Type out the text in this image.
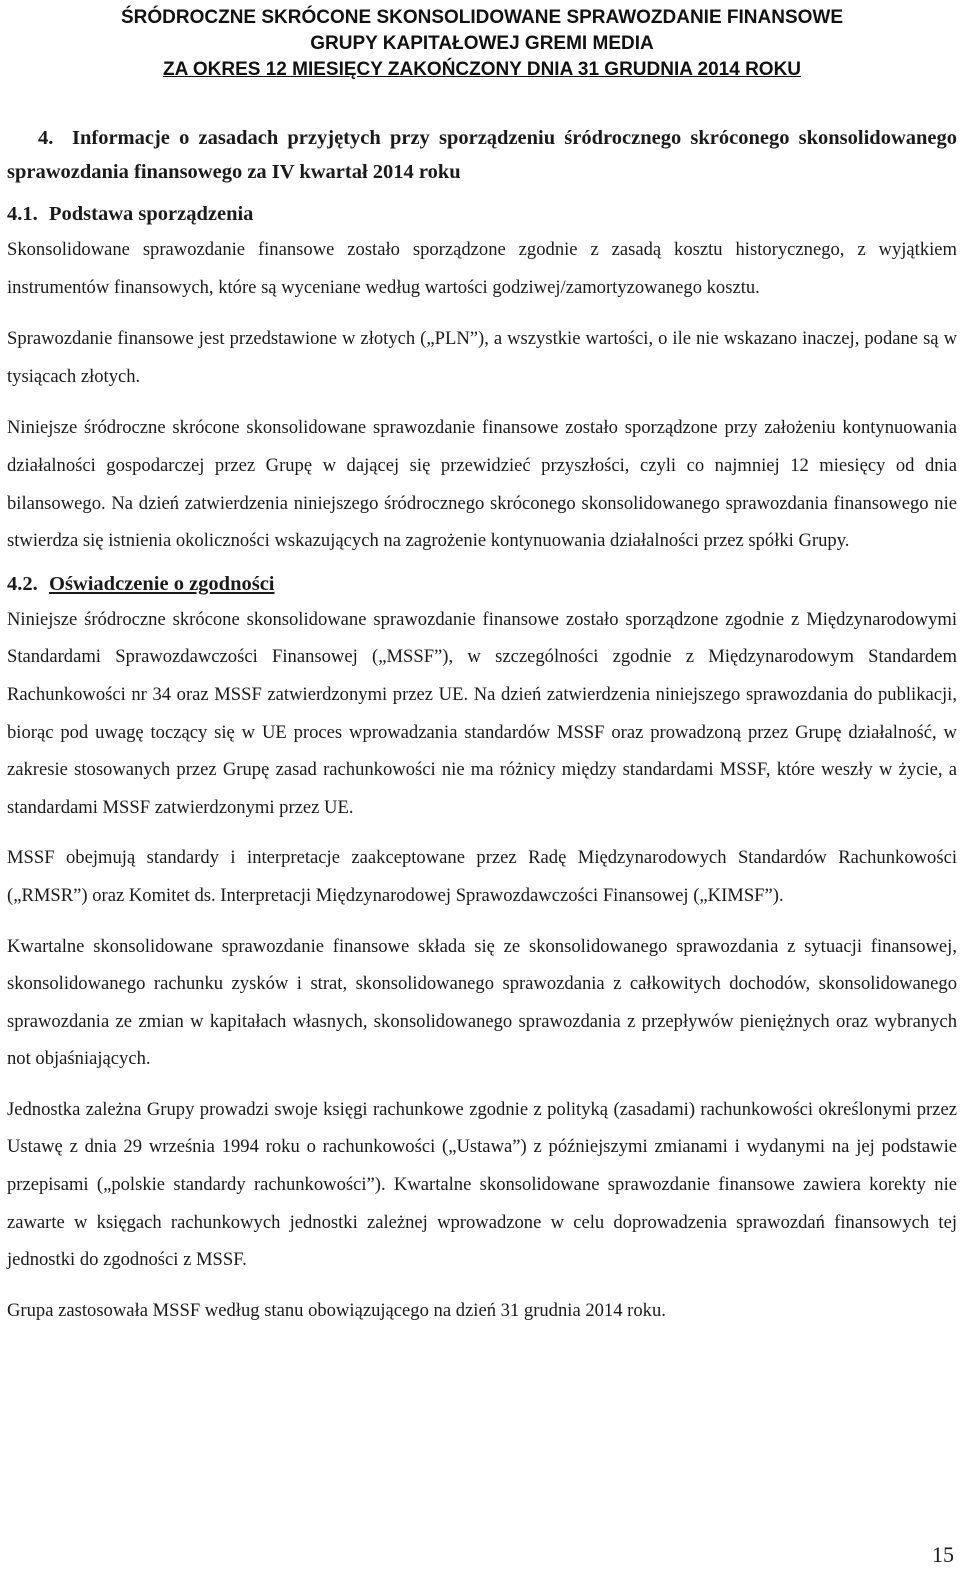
ŚRÓDROCZNE SKRÓCONE SKONSOLIDOWANE SPRAWOZDANIE FINANSOWE
GRUPY KAPITAŁOWEJ GREMI MEDIA
ZA OKRES 12 MIESIĘCY ZAKOŃCZONY DNIA 31 GRUDNIA 2014 ROKU
4. Informacje o zasadach przyjętych przy sporządzeniu śródrocznego skróconego skonsolidowanego sprawozdania finansowego za IV kwartał 2014 roku
4.1. Podstawa sporządzenia

Skonsolidowane sprawozdanie finansowe zostało sporządzone zgodnie z zasadą kosztu historycznego, z wyjątkiem instrumentów finansowych, które są wyceniane według wartości godziwej/zamortyzowanego kosztu.

Sprawozdanie finansowe jest przedstawione w złotych („PLN”), a wszystkie wartości, o ile nie wskazano inaczej, podane są w tysiącach złotych.

Niniejsze śródroczne skrócone skonsolidowane sprawozdanie finansowe zostało sporządzone przy założeniu kontynuowania działalności gospodarczej przez Grupę w dającej się przewidzieć przyszłości, czyli co najmniej 12 miesięcy od dnia bilansowego. Na dzień zatwierdzenia niniejszego śródrocznego skróconego skonsolidowanego sprawozdania finansowego nie stwierdza się istnienia okoliczności wskazujących na zagrożenie kontynuowania działalności przez spółki Grupy.

4.2. Oświadczenie o zgodności

Niniejsze śródroczne skrócone skonsolidowane sprawozdanie finansowe zostało sporządzone zgodnie z Międzynarodowymi Standardami Sprawozdawczości Finansowej („MSSF”), w szczególności zgodnie z Międzynarodowym Standardem Rachunkowości nr 34 oraz MSSF zatwierdzonymi przez UE. Na dzień zatwierdzenia niniejszego sprawozdania do publikacji, biorąc pod uwagę toczący się w UE proces wprowadzania standardów MSSF oraz prowadzoną przez Grupę działalność, w zakresie stosowanych przez Grupę zasad rachunkowości nie ma różnicy między standardami MSSF, które weszły w życie, a standardami MSSF zatwierdzonymi przez UE.

MSSF obejmują standardy i interpretacje zaakceptowane przez Radę Międzynarodowych Standardów Rachunkowości („RMSR”) oraz Komitet ds. Interpretacji Międzynarodowej Sprawozdawczości Finansowej („KIMSF”).

Kwartalne skonsolidowane sprawozdanie finansowe składa się ze skonsolidowanego sprawozdania z sytuacji finansowej, skonsolidowanego rachunku zysków i strat, skonsolidowanego sprawozdania z całkowitych dochodów, skonsolidowanego sprawozdania ze zmian w kapitałach własnych, skonsolidowanego sprawozdania z przepływów pieniężnych oraz wybranych not objaśniających.

Jednostka zależna Grupy prowadzi swoje księgi rachunkowe zgodnie z polityką (zasadami) rachunkowości określonymi przez Ustawę z dnia 29 września 1994 roku o rachunkowości („Ustawa”) z późniejszymi zmianami i wydanymi na jej podstawie przepisami („polskie standardy rachunkowości”). Kwartalne skonsolidowane sprawozdanie finansowe zawiera korekty nie zawarte w księgach rachunkowych jednostki zależnej wprowadzone w celu doprowadzenia sprawozdań finansowych tej jednostki do zgodności z MSSF.

Grupa zastosowała MSSF według stanu obowiązującego na dzień 31 grudnia 2014 roku.

15
